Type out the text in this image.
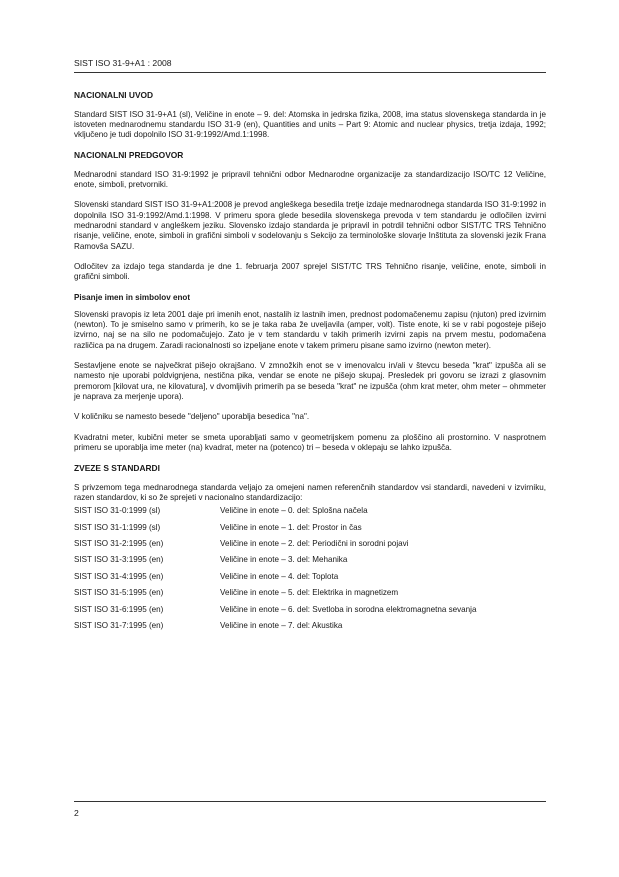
SIST ISO 31-9+A1 : 2008
NACIONALNI UVOD

Standard SIST ISO 31-9+A1 (sl), Veličine in enote – 9. del: Atomska in jedrska fizika, 2008, ima status slovenskega standarda in je istoveten mednarodnemu standardu ISO 31-9 (en), Quantities and units – Part 9: Atomic and nuclear physics, tretja izdaja, 1992; vključeno je tudi dopolnilo ISO 31-9:1992/Amd.1:1998.

NACIONALNI PREDGOVOR

Mednarodni standard ISO 31-9:1992 je pripravil tehnični odbor Mednarodne organizacije za standardizacijo ISO/TC 12 Veličine, enote, simboli, pretvorniki.

Slovenski standard SIST ISO 31-9+A1:2008 je prevod angleškega besedila tretje izdaje mednarodnega standarda ISO 31-9:1992 in dopolnila ISO 31-9:1992/Amd.1:1998. V primeru spora glede besedila slovenskega prevoda v tem standardu je odločilen izvirni mednarodni standard v angleškem jeziku. Slovensko izdajo standarda je pripravil in potrdil tehnični odbor SIST/TC TRS Tehnično risanje, veličine, enote, simboli in grafični simboli v sodelovanju s Sekcijo za terminološke slovarje Inštituta za slovenski jezik Frana Ramovša SAZU.

Odločitev za izdajo tega standarda je dne 1. februarja 2007 sprejel SIST/TC TRS Tehnično risanje, veličine, enote, simboli in grafični simboli.

Pisanje imen in simbolov enot

Slovenski pravopis iz leta 2001 daje pri imenih enot, nastalih iz lastnih imen, prednost podomačenemu zapisu (njuton) pred izvirnim (newton). To je smiselno samo v primerih, ko se je taka raba že uveljavila (amper, volt). Tiste enote, ki se v rabi pogosteje pišejo izvirno, naj se na silo ne podomačujejo. Zato je v tem standardu v takih primerih izvirni zapis na prvem mestu, podomačena različica pa na drugem. Zaradi racionalnosti so izpeljane enote v takem primeru pisane samo izvirno (newton meter).

Sestavljene enote se največkrat pišejo okrajšano. V zmnožkih enot se v imenovalcu in/ali v števcu beseda "krat" izpušča ali se namesto nje uporabi poldvignjena, nestična pika, vendar se enote ne pišejo skupaj. Presledek pri govoru se izrazi z glasovnim premorom [kilovat ura, ne kilovatura], v dvomljivih primerih pa se beseda "krat" ne izpušča (ohm krat meter, ohm meter – ohmmeter je naprava za merjenje upora).

V količniku se namesto besede "deljeno" uporablja besedica "na".

Kvadratni meter, kubični meter se smeta uporabljati samo v geometrijskem pomenu za ploščino ali prostornino. V nasprotnem primeru se uporablja ime meter (na) kvadrat, meter na (potenco) tri – beseda v oklepaju se lahko izpušča.

ZVEZE S STANDARDI

S privzemom tega mednarodnega standarda veljajo za omejeni namen referenčnih standardov vsi standardi, navedeni v izvirniku, razen standardov, ki so že sprejeti v nacionalno standardizacijo:

SIST ISO 31-0:1999 (sl)	Veličine in enote – 0. del: Splošna načela
SIST ISO 31-1:1999 (sl)	Veličine in enote – 1. del: Prostor in čas
SIST ISO 31-2:1995 (en)	Veličine in enote – 2. del: Periodični in sorodni pojavi
SIST ISO 31-3:1995 (en)	Veličine in enote – 3. del: Mehanika
SIST ISO 31-4:1995 (en)	Veličine in enote – 4. del: Toplota
SIST ISO 31-5:1995 (en)	Veličine in enote – 5. del: Elektrika in magnetizem
SIST ISO 31-6:1995 (en)	Veličine in enote – 6. del: Svetloba in sorodna elektromagnetna sevanja
SIST ISO 31-7:1995 (en)	Veličine in enote – 7. del: Akustika
2
